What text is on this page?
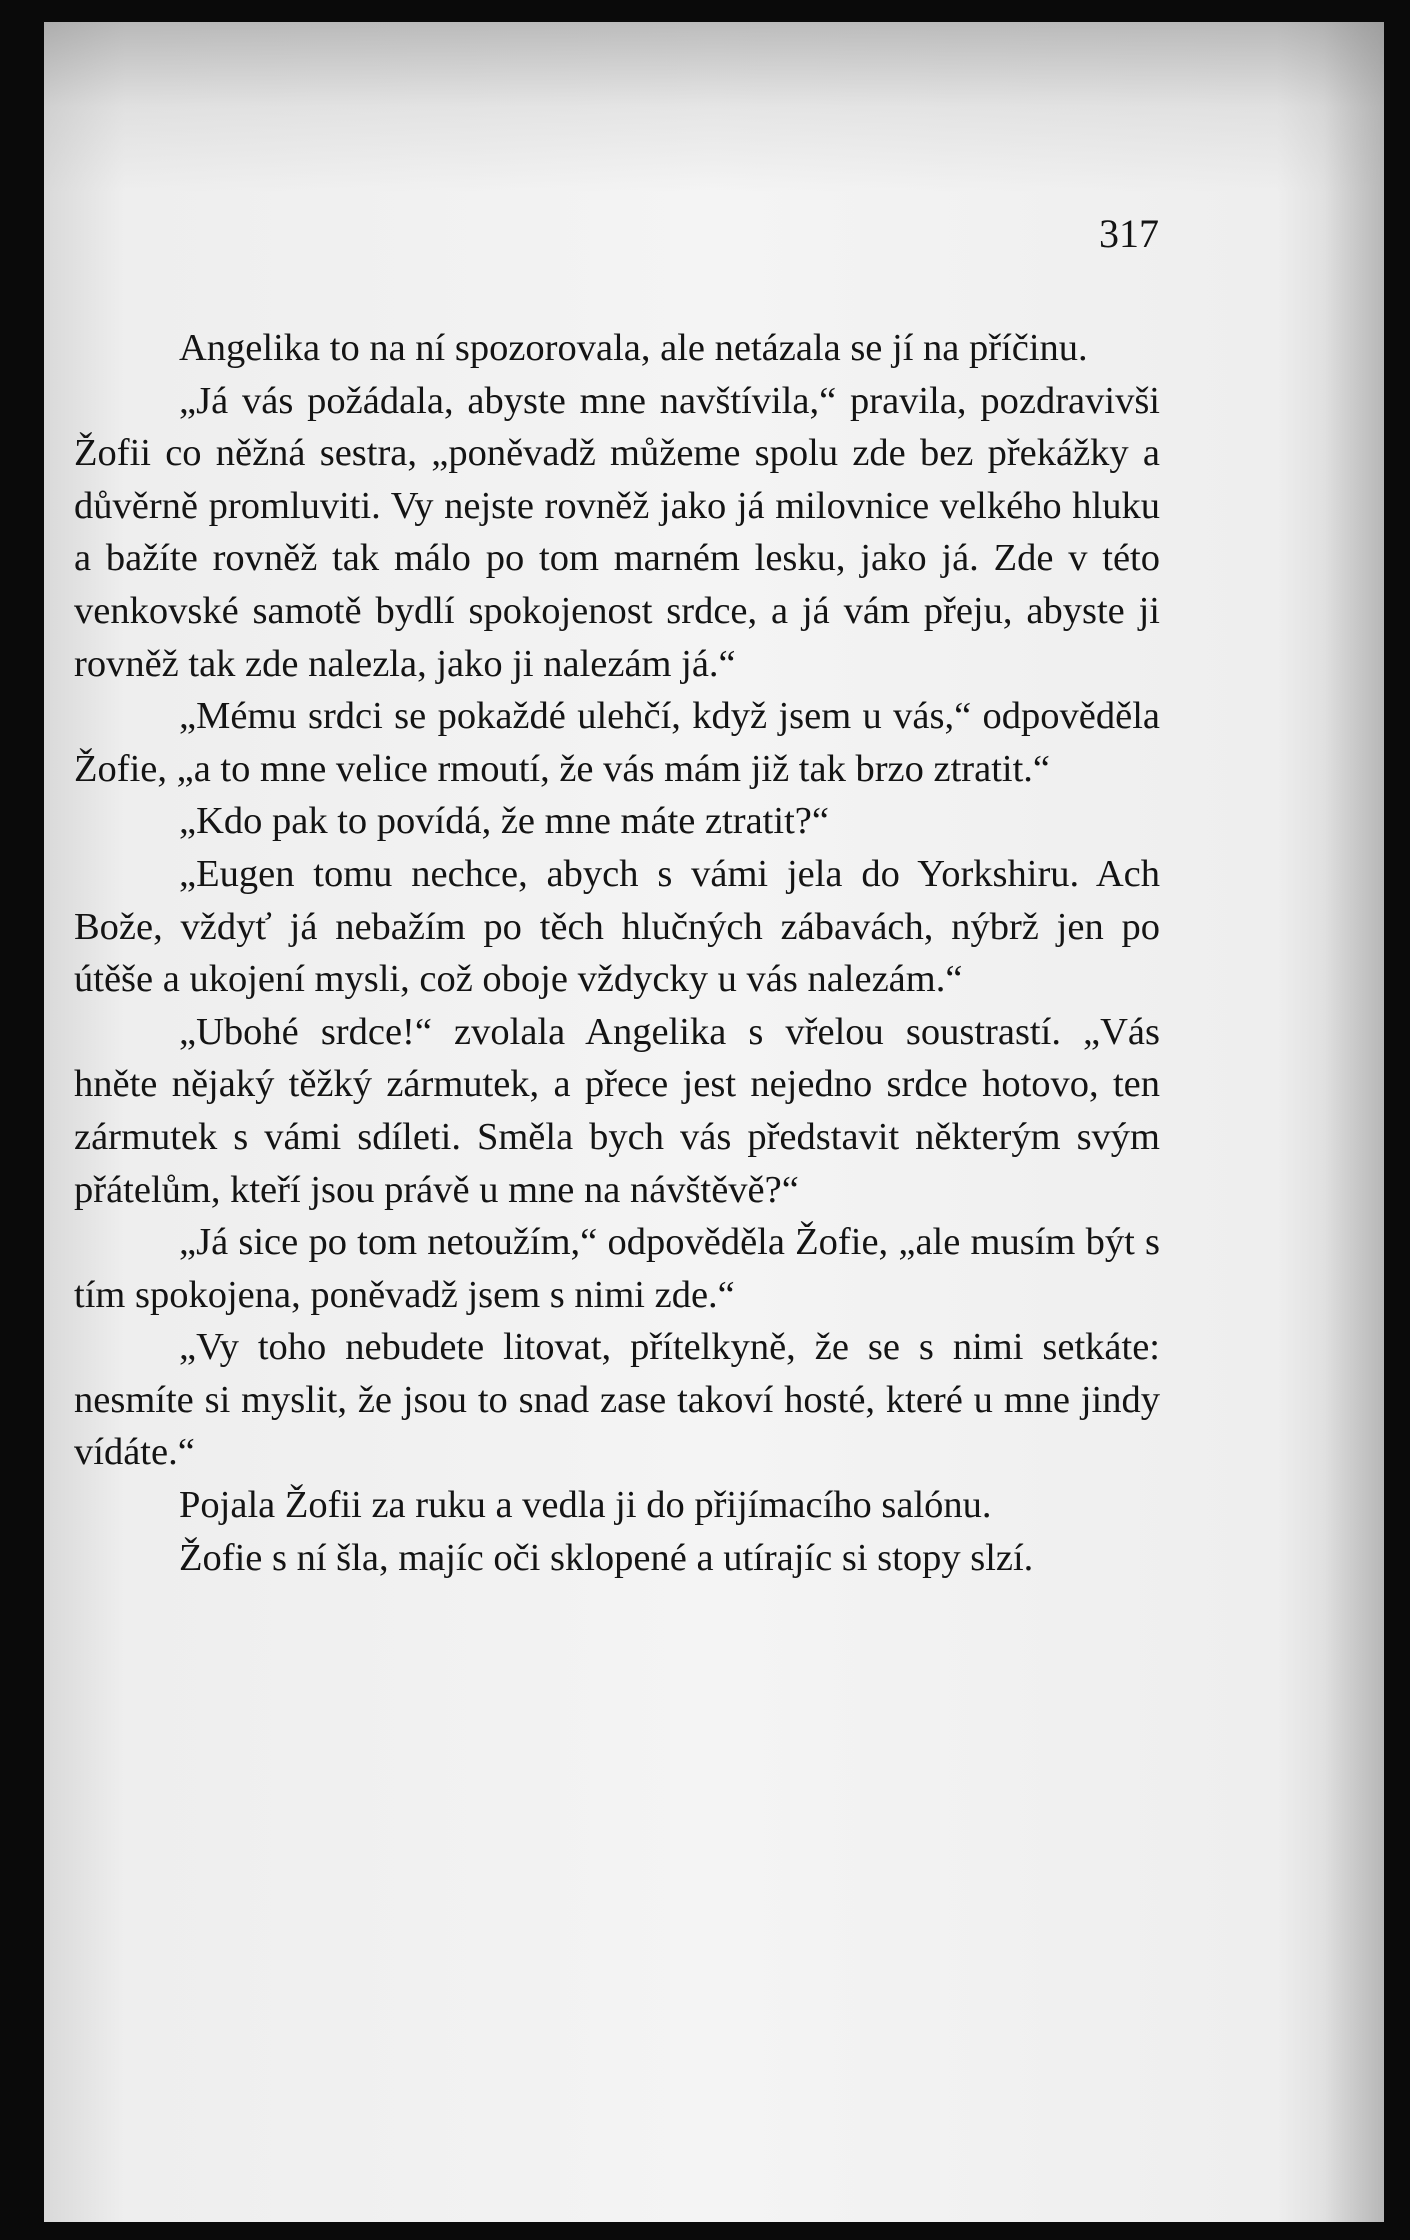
317

Angelika to na ní spozorovala, ale netázala se jí na příčinu.

„Já vás požádala, abyste mne navštívila,“ pravila, pozdravivši Žofii co něžná sestra, „poněvadž můžeme spolu zde bez překážky a důvěrně promluviti. Vy nejste rovněž jako já milovnice velkého hluku a bažíte rovněž tak málo po tom marném lesku, jako já. Zde v této venkovské samotě bydlí spokojenost srdce, a já vám přeju, abyste ji rovněž tak zde nalezla, jako ji nalezám já.“

„Mému srdci se pokaždé ulehčí, když jsem u vás,“ odpověděla Žofie, „a to mne velice rmoutí, že vás mám již tak brzo ztratit.“

„Kdo pak to povídá, že mne máte ztratit?“

„Eugen tomu nechce, abych s vámi jela do Yorkshiru. Ach Bože, vždyť já nebažím po těch hlučných zábavách, nýbrž jen po útěše a ukojení mysli, což oboje vždycky u vás nalezám.“

„Ubohé srdce!“ zvolala Angelika s vřelou soustrastí. „Vás hněte nějaký těžký zármutek, a přece jest nejedno srdce hotovo, ten zármutek s vámi sdíleti. Směla bych vás představit některým svým přátelům, kteří jsou právě u mne na návštěvě?“

„Já sice po tom netoužím,“ odpověděla Žofie, „ale musím být s tím spokojena, poněvadž jsem s nimi zde.“

„Vy toho nebudete litovat, přítelkyně, že se s nimi setkáte: nesmíte si myslit, že jsou to snad zase takoví hosté, které u mne jindy vídáte.“

Pojala Žofii za ruku a vedla ji do přijímacího salónu.

Žofie s ní šla, majíc oči sklopené a utírajíc si stopy slzí.
